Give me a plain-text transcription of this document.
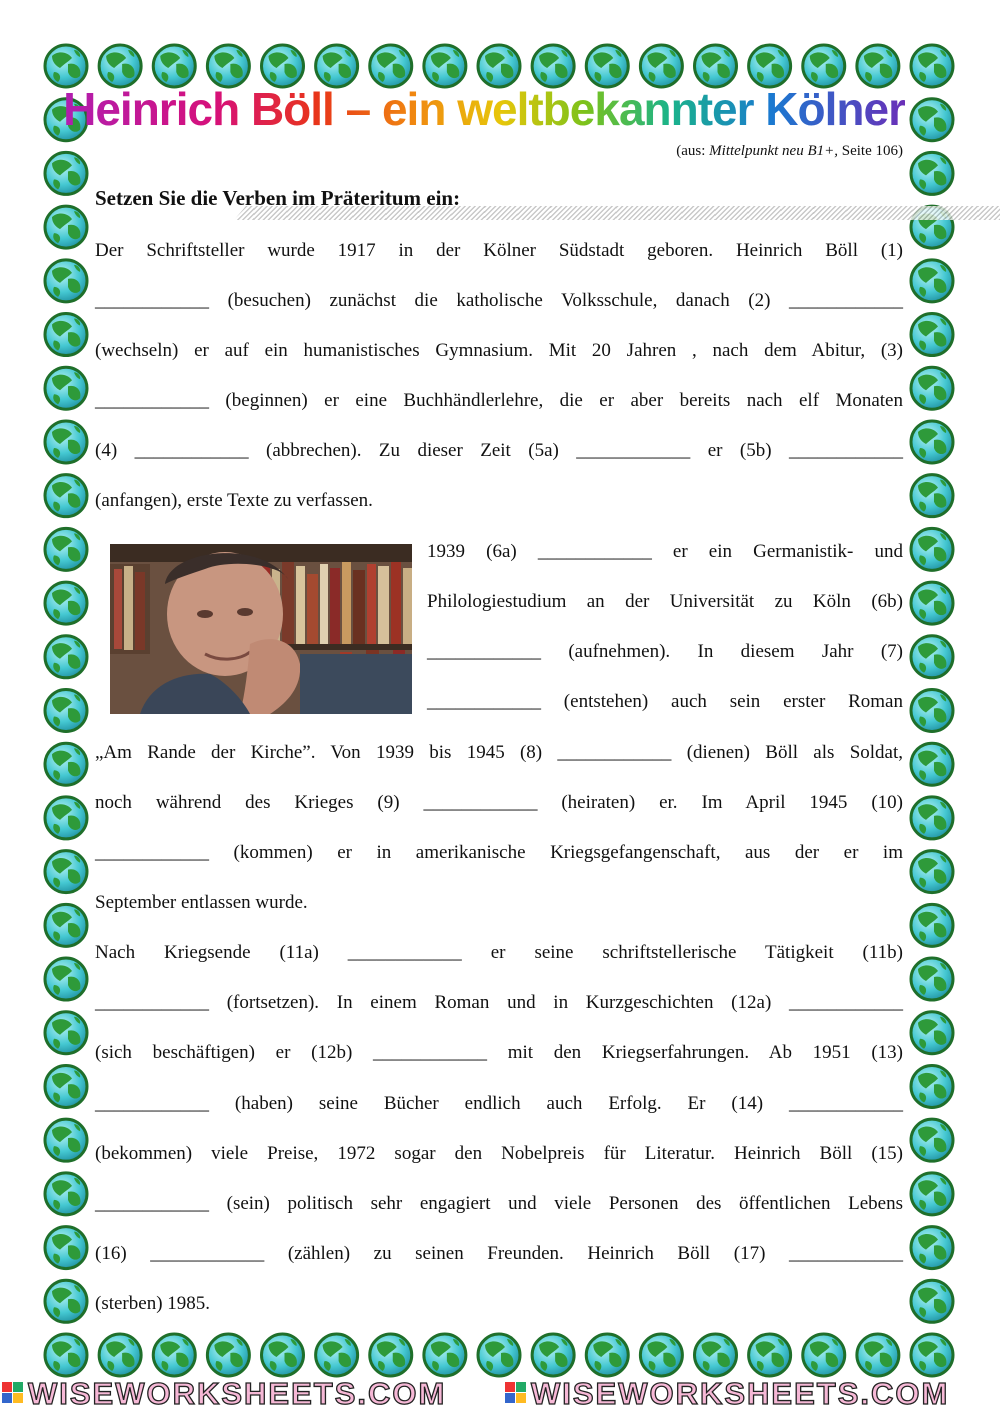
Heinrich Böll – ein weltbekannter Kölner
(aus: Mittelpunkt neu B1+, Seite 106)
Setzen Sie die Verben im Präteritum ein:
Der Schriftsteller wurde 1917 in der Kölner Südstadt geboren. Heinrich Böll (1)
____________ (besuchen) zunächst die katholische Volksschule, danach (2) ____________
(wechseln) er auf ein humanistisches Gymnasium. Mit 20 Jahren , nach dem Abitur, (3)
____________ (beginnen) er eine Buchhändlerlehre, die er aber bereits nach elf Monaten
(4) ____________ (abbrechen). Zu dieser Zeit (5a) ____________ er (5b) ____________
(anfangen), erste Texte zu verfassen.
1939 (6a) ____________ er ein Germanistik- und
Philologiestudium an der Universität zu Köln (6b)
____________ (aufnehmen). In diesem Jahr (7)
____________ (entstehen) auch sein erster Roman
„Am Rande der Kirche”. Von 1939 bis 1945 (8) ____________ (dienen) Böll als Soldat,
noch während des Krieges (9) ____________ (heiraten) er. Im April 1945 (10)
____________ (kommen) er in amerikanische Kriegsgefangenschaft, aus der er im
September entlassen wurde.
Nach Kriegsende (11a) ____________ er seine schriftstellerische Tätigkeit (11b)
____________ (fortsetzen). In einem Roman und in Kurzgeschichten (12a) ____________
(sich beschäftigen) er (12b) ____________ mit den Kriegserfahrungen. Ab 1951 (13)
____________ (haben) seine Bücher endlich auch Erfolg. Er (14) ____________
(bekommen) viele Preise, 1972 sogar den Nobelpreis für Literatur. Heinrich Böll (15)
____________ (sein) politisch sehr engagiert und viele Personen des öffentlichen Lebens
(16) ____________ (zählen) zu seinen Freunden. Heinrich Böll (17) ____________
(sterben) 1985.
WISEWORKSHEETS.COM	WISEWORKSHEETS.COM
